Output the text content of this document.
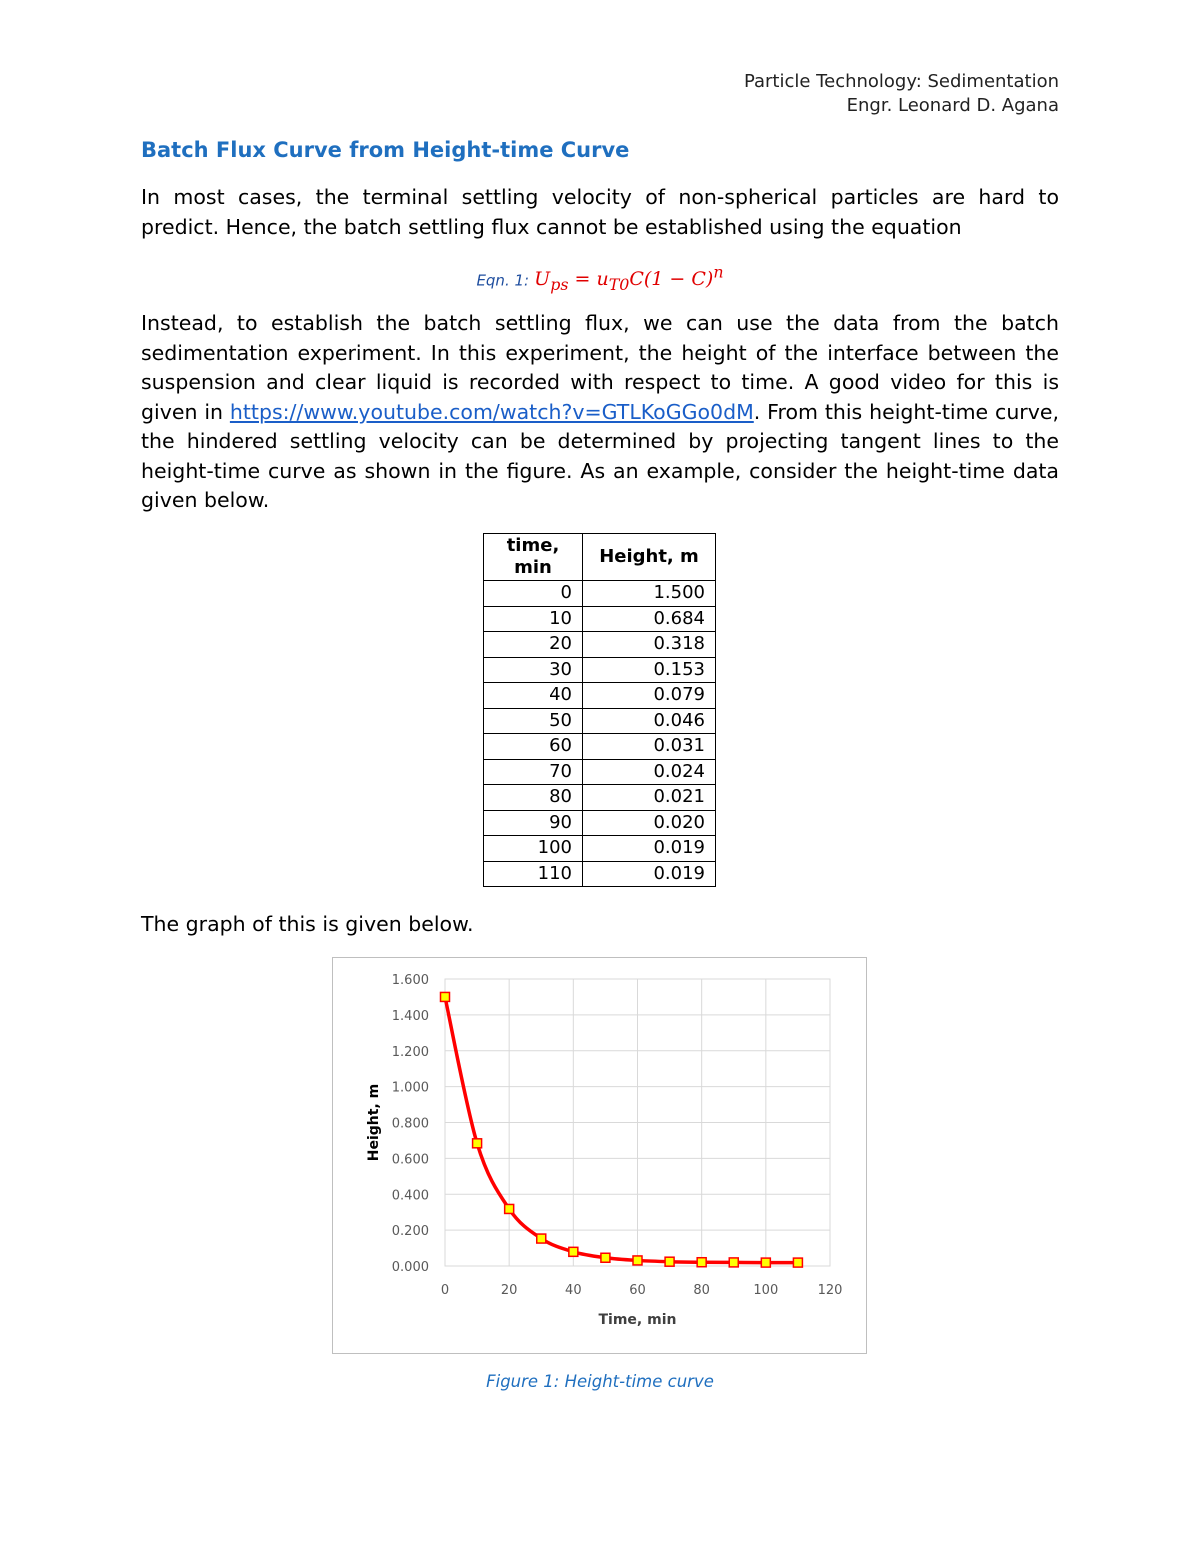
Particle Technology: Sedimentation
Engr. Leonard D. Agana
Batch Flux Curve from Height-time Curve
In most cases, the terminal settling velocity of non-spherical particles are hard to predict. Hence, the batch settling flux cannot be established using the equation
Eqn. 1: $U_{ps} = u_{T0}C(1 - C)^n$
Instead, to establish the batch settling flux, we can use the data from the batch sedimentation experiment. In this experiment, the height of the interface between the suspension and clear liquid is recorded with respect to time. A good video for this is given in https://www.youtube.com/watch?v=GTLKoGGo0dM. From this height-time curve, the hindered settling velocity can be determined by projecting tangent lines to the height-time curve as shown in the figure. As an example, consider the height-time data given below.
time, min	Height, m
0	1.500
10	0.684
20	0.318
30	0.153
40	0.079
50	0.046
60	0.031
70	0.024
80	0.021
90	0.020
100	0.019
110	0.019
The graph of this is given below.
0.000
0.200
0.400
0.600
0.800
1.000
1.200
1.400
1.600
0	20	40	60	80	100	120
Time, min
Height, m
Figure 1: Height-time curve
